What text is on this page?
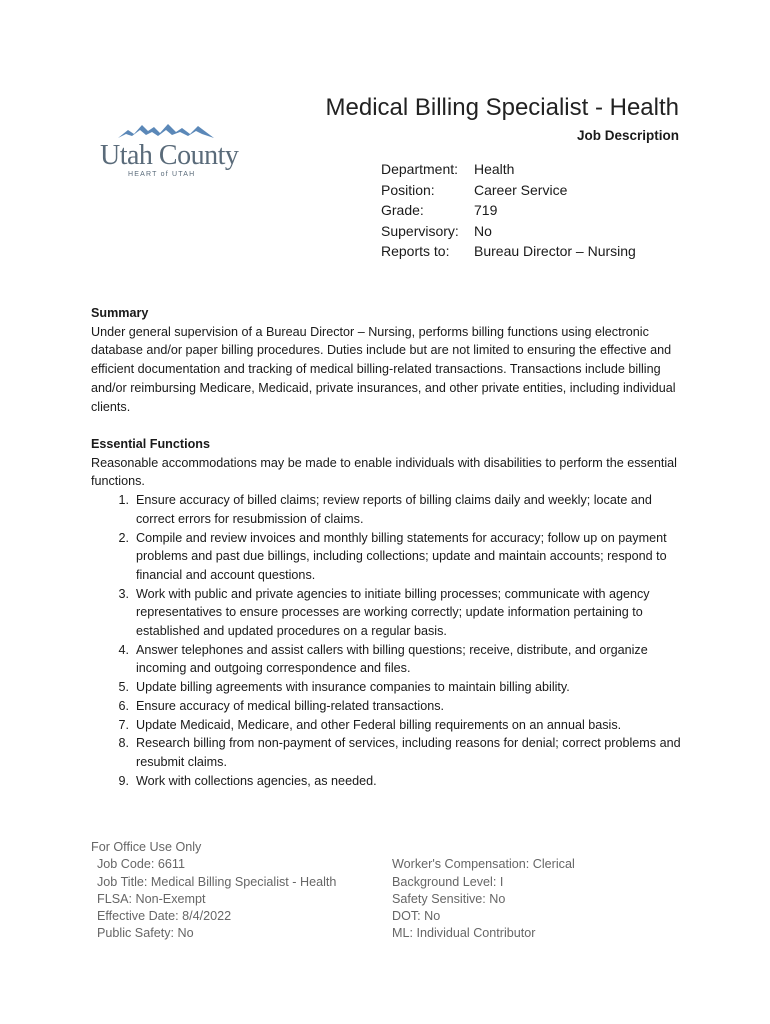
Utah County
HEART of UTAH
Medical Billing Specialist - Health
Job Description
Department:	Health
Position:	Career Service
Grade:	719
Supervisory:	No
Reports to:	Bureau Director – Nursing
Summary
Under general supervision of a Bureau Director – Nursing, performs billing functions using electronic database and/or paper billing procedures. Duties include but are not limited to ensuring the effective and efficient documentation and tracking of medical billing-related transactions. Transactions include billing and/or reimbursing Medicare, Medicaid, private insurances, and other private entities, including individual clients.
Essential Functions
Reasonable accommodations may be made to enable individuals with disabilities to perform the essential functions.
Ensure accuracy of billed claims; review reports of billing claims daily and weekly; locate and correct errors for resubmission of claims.
Compile and review invoices and monthly billing statements for accuracy; follow up on payment problems and past due billings, including collections; update and maintain accounts; respond to financial and account questions.
Work with public and private agencies to initiate billing processes; communicate with agency representatives to ensure processes are working correctly; update information pertaining to established and updated procedures on a regular basis.
Answer telephones and assist callers with billing questions; receive, distribute, and organize incoming and outgoing correspondence and files.
Update billing agreements with insurance companies to maintain billing ability.
Ensure accuracy of medical billing-related transactions.
Update Medicaid, Medicare, and other Federal billing requirements on an annual basis.
Research billing from non-payment of services, including reasons for denial; correct problems and resubmit claims.
Work with collections agencies, as needed.
For Office Use Only
Job Code: 6611
Job Title: Medical Billing Specialist - Health
FLSA: Non-Exempt
Effective Date: 8/4/2022
Public Safety: No
Worker's Compensation: Clerical
Background Level: I
Safety Sensitive: No
DOT: No
ML: Individual Contributor
